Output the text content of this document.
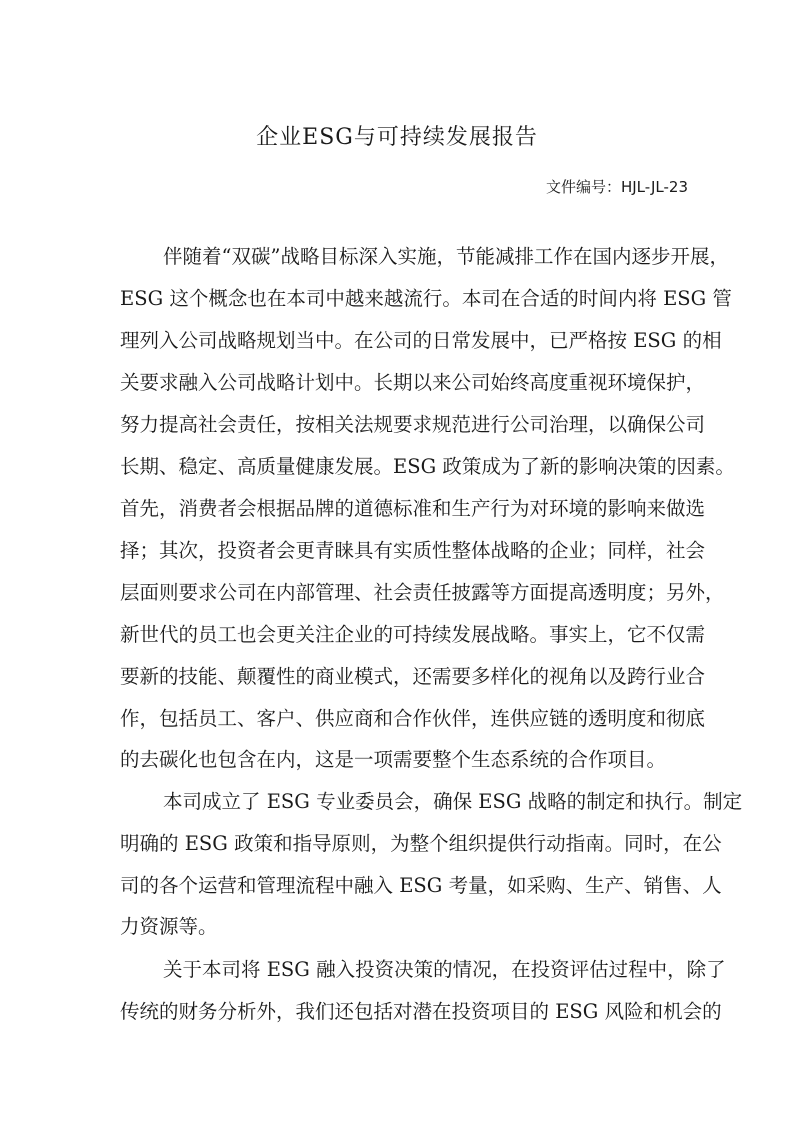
企业ESG与可持续发展报告
文件编号：HJL-JL-23
伴随着“双碳”战略目标深入实施，节能减排工作在国内逐步开展，
ESG 这个概念也在本司中越来越流行。本司在合适的时间内将 ESG 管
理列入公司战略规划当中。在公司的日常发展中，已严格按 ESG 的相
关要求融入公司战略计划中。长期以来公司始终高度重视环境保护，
努力提高社会责任，按相关法规要求规范进行公司治理，以确保公司
长期、稳定、高质量健康发展。ESG 政策成为了新的影响决策的因素。
首先，消费者会根据品牌的道德标准和生产行为对环境的影响来做选
择；其次，投资者会更青睐具有实质性整体战略的企业；同样，社会
层面则要求公司在内部管理、社会责任披露等方面提高透明度；另外，
新世代的员工也会更关注企业的可持续发展战略。事实上，它不仅需
要新的技能、颠覆性的商业模式，还需要多样化的视角以及跨行业合
作，包括员工、客户、供应商和合作伙伴，连供应链的透明度和彻底
的去碳化也包含在内，这是一项需要整个生态系统的合作项目。
本司成立了 ESG 专业委员会，确保 ESG 战略的制定和执行。制定
明确的 ESG 政策和指导原则，为整个组织提供行动指南。同时，在公
司的各个运营和管理流程中融入 ESG 考量，如采购、生产、销售、人
力资源等。
关于本司将 ESG 融入投资决策的情况，在投资评估过程中，除了
传统的财务分析外，我们还包括对潜在投资项目的 ESG 风险和机会的
